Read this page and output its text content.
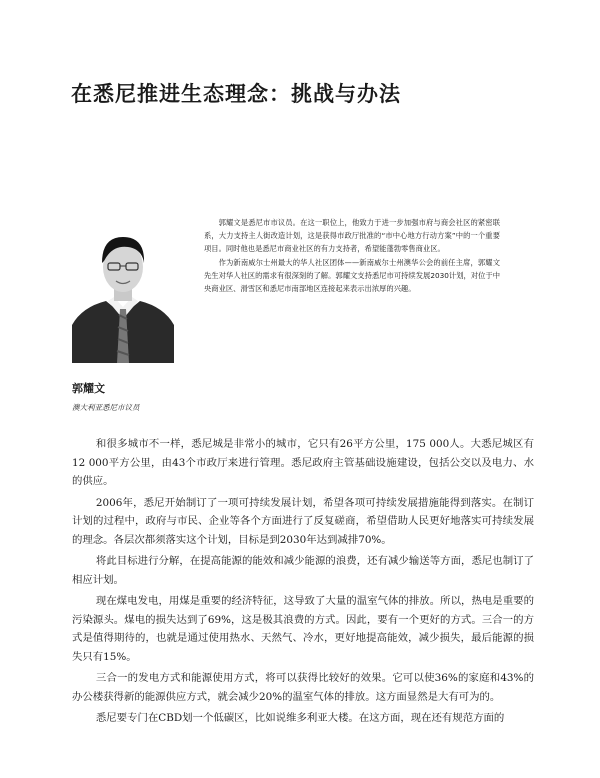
在悉尼推进生态理念：挑战与办法
郭耀文
澳大利亚悉尼市议员

郭耀文是悉尼市市议员。在这一职位上，他致力于进一步加强市府与商会社区的紧密联系，大力支持主人街改造计划，这是获得市政厅批准的“市中心地方行动方案”中的一个重要项目。同时他也是悉尼市商业社区的有力支持者，希望能蓬勃零售商业区。

作为新南威尔士州最大的华人社区团体——新南威尔士州澳华公会的前任主席，郭耀文先生对华人社区的需求有很深刻的了解。郭耀文支持悉尼市可持续发展2030计划，对位于中央商业区、滑雪区和悉尼市南部地区连接起来表示出浓厚的兴趣。

和很多城市不一样，悉尼城是非常小的城市，它只有26平方公里，175 000人。大悉尼城区有12 000平方公里，由43个市政厅来进行管理。悉尼政府主管基础设施建设，包括公交以及电力、水的供应。

2006年，悉尼开始制订了一项可持续发展计划，希望各项可持续发展措施能得到落实。在制订计划的过程中，政府与市民、企业等各个方面进行了反复磋商，希望借助人民更好地落实可持续发展的理念。各层次都须落实这个计划，目标是到2030年达到减排70%。

将此目标进行分解，在提高能源的能效和减少能源的浪费，还有减少输送等方面，悉尼也制订了相应计划。

现在煤电发电，用煤是重要的经济特征，这导致了大量的温室气体的排放。所以，热电是重要的污染源头。煤电的损失达到了69%，这是极其浪费的方式。因此，要有一个更好的方式。三合一的方式是值得期待的，也就是通过使用热水、天然气、冷水，更好地提高能效，减少损失，最后能源的损失只有15%。

三合一的发电方式和能源使用方式，将可以获得比较好的效果。它可以使36%的家庭和43%的办公楼获得新的能源供应方式，就会减少20%的温室气体的排放。这方面显然是大有可为的。

悉尼要专门在CBD划一个低碳区，比如说维多利亚大楼。在这方面，现在还有规范方面的
